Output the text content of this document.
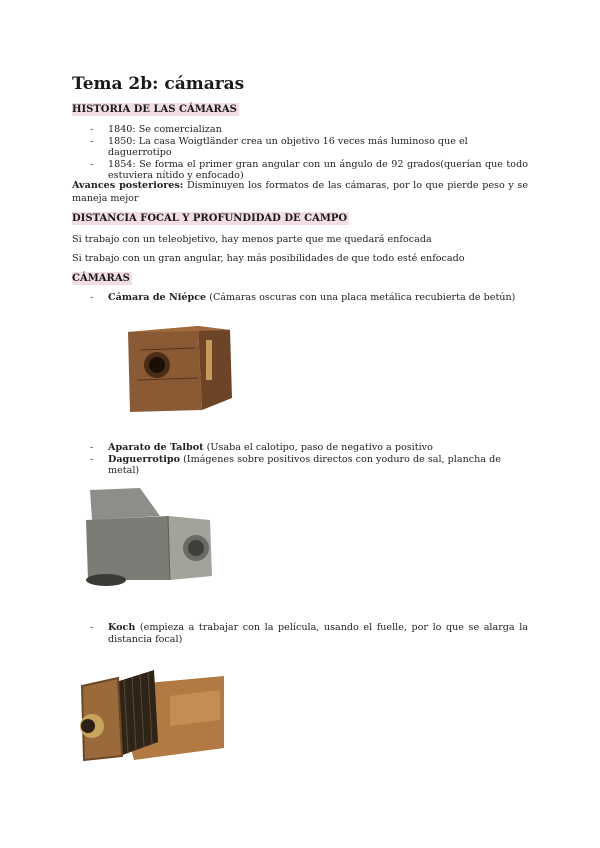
Tema 2b: cámaras
HISTORIA DE LAS CÁMARAS
- 1840: Se comercializan
- 1850: La casa Woigtländer crea un objetivo 16 veces más luminoso que el daguerrotipo
- 1854: Se forma el primer gran angular con un ángulo de 92 grados(querían que todo estuviera nítido y enfocado)
Avances posteriores: Disminuyen los formatos de las cámaras, por lo que pierde peso y se maneja mejor
DISTANCIA FOCAL Y PROFUNDIDAD DE CAMPO
Si trabajo con un teleobjetivo, hay menos parte que me quedará enfocada
Si trabajo con un gran angular, hay más posibilidades de que todo esté enfocado
CÁMARAS
- Cámara de Niépce (Cámaras oscuras con una placa metálica recubierta de betún)
- Aparato de Talbot (Usaba el calotipo, paso de negativo a positivo
- Daguerrotipo (Imágenes sobre positivos directos con yoduro de sal, plancha de metal)
- Koch (empieza a trabajar con la película, usando el fuelle, por lo que se alarga la distancia focal)
